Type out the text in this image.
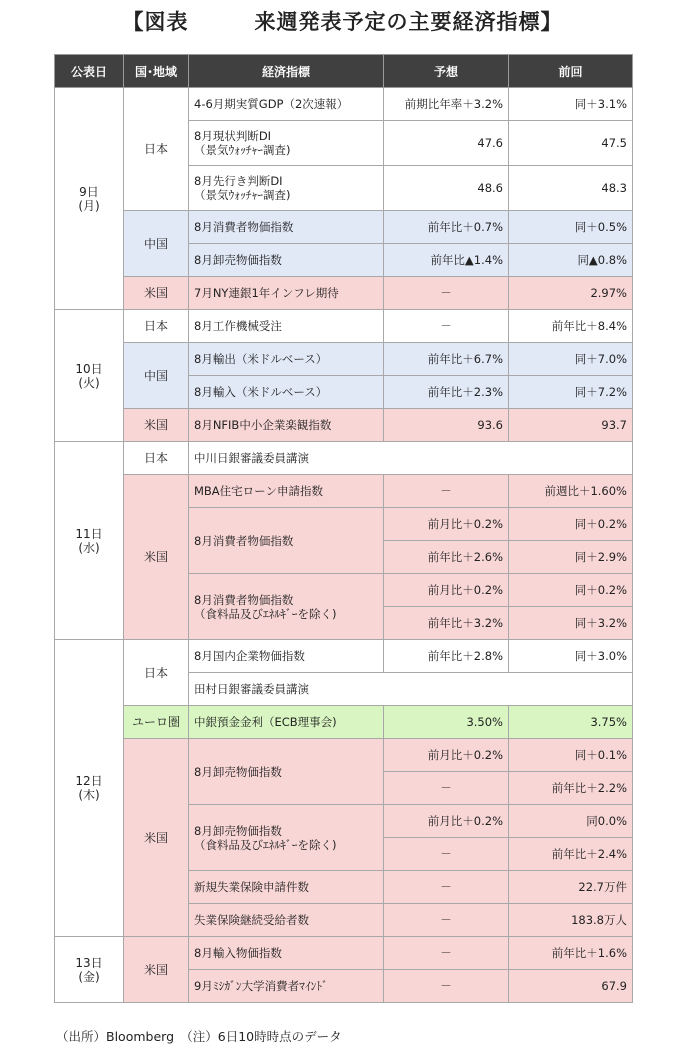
【図表　　　来週発表予定の主要経済指標】
公表日	国･地域	経済指標	予想	前回
9日
(月)	日本	4-6月期実質GDP（2次速報）	前期比年率＋3.2%	同＋3.1%
		8月現状判断DI
（景気ｳｫｯﾁｬｰ調査)	47.6	47.5
		8月先行き判断DI
（景気ｳｫｯﾁｬｰ調査)	48.6	48.3
	中国	8月消費者物価指数	前年比＋0.7%	同＋0.5%
		8月卸売物価指数	前年比▲1.4%	同▲0.8%
	米国	7月NY連銀1年インフレ期待	－	2.97%
10日
(火)	日本	8月工作機械受注	－	前年比＋8.4%
	中国	8月輸出（米ドルベース）	前年比＋6.7%	同＋7.0%
		8月輸入（米ドルベース）	前年比＋2.3%	同＋7.2%
	米国	8月NFIB中小企業楽観指数	93.6	93.7
11日
(水)	日本	中川日銀審議委員講演		
	米国	MBA住宅ローン申請指数	－	前週比＋1.60%
		8月消費者物価指数	前月比＋0.2%	同＋0.2%
			前年比＋2.6%	同＋2.9%
		8月消費者物価指数
（食料品及びｴﾈﾙｷﾞｰを除く)	前月比＋0.2%	同＋0.2%
			前年比＋3.2%	同＋3.2%
12日
(木)	日本	8月国内企業物価指数	前年比＋2.8%	同＋3.0%
		田村日銀審議委員講演		
	ユーロ圏	中銀預金金利（ECB理事会)	3.50%	3.75%
	米国	8月卸売物価指数	前月比＋0.2%	同＋0.1%
			－	前年比＋2.2%
		8月卸売物価指数
（食料品及びｴﾈﾙｷﾞｰを除く)	前月比＋0.2%	同0.0%
			－	前年比＋2.4%
		新規失業保険申請件数	－	22.7万件
		失業保険継続受給者数	－	183.8万人
13日
(金)	米国	8月輸入物価指数	－	前年比＋1.6%
		9月ﾐｼｶﾞﾝ大学消費者ﾏｲﾝﾄﾞ	－	67.9
（出所）Bloomberg　（注）6日10時時点のデータ
